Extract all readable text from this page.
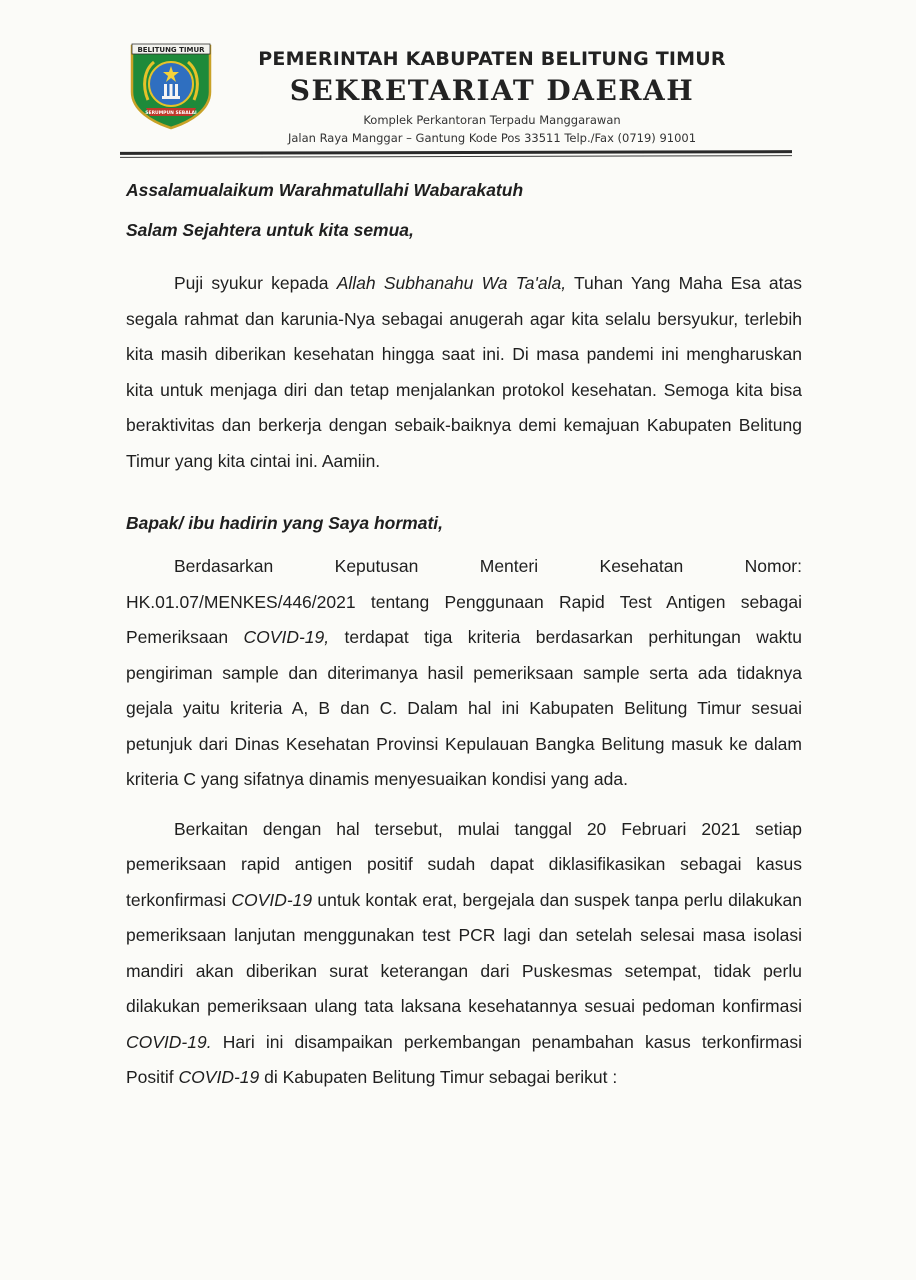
BELITUNG TIMUR
SERUMPUN SEBALAI
PEMERINTAH KABUPATEN BELITUNG TIMUR
SEKRETARIAT DAERAH
Komplek Perkantoran Terpadu Manggarawan
Jalan Raya Manggar – Gantung Kode Pos 33511 Telp./Fax (0719) 91001

Assalamualaikum Warahmatullahi Wabarakatuh

Salam Sejahtera untuk kita semua,

Puji syukur kepada Allah Subhanahu Wa Ta'ala, Tuhan Yang Maha Esa atas segala rahmat dan karunia-Nya sebagai anugerah agar kita selalu bersyukur, terlebih kita masih diberikan kesehatan hingga saat ini. Di masa pandemi ini mengharuskan kita untuk menjaga diri dan tetap menjalankan protokol kesehatan. Semoga kita bisa beraktivitas dan berkerja dengan sebaik-baiknya demi kemajuan Kabupaten Belitung Timur yang kita cintai ini. Aamiin.

Bapak/ ibu hadirin yang Saya hormati,

Berdasarkan Keputusan Menteri Kesehatan Nomor: HK.01.07/MENKES/446/2021 tentang Penggunaan Rapid Test Antigen sebagai Pemeriksaan COVID-19, terdapat tiga kriteria berdasarkan perhitungan waktu pengiriman sample dan diterimanya hasil pemeriksaan sample serta ada tidaknya gejala yaitu kriteria A, B dan C. Dalam hal ini Kabupaten Belitung Timur sesuai petunjuk dari Dinas Kesehatan Provinsi Kepulauan Bangka Belitung masuk ke dalam kriteria C yang sifatnya dinamis menyesuaikan kondisi yang ada.

Berkaitan dengan hal tersebut, mulai tanggal 20 Februari 2021 setiap pemeriksaan rapid antigen positif sudah dapat diklasifikasikan sebagai kasus terkonfirmasi COVID-19 untuk kontak erat, bergejala dan suspek tanpa perlu dilakukan pemeriksaan lanjutan menggunakan test PCR lagi dan setelah selesai masa isolasi mandiri akan diberikan surat keterangan dari Puskesmas setempat, tidak perlu dilakukan pemeriksaan ulang tata laksana kesehatannya sesuai pedoman konfirmasi COVID-19. Hari ini disampaikan perkembangan penambahan kasus terkonfirmasi Positif COVID-19 di Kabupaten Belitung Timur sebagai berikut :
